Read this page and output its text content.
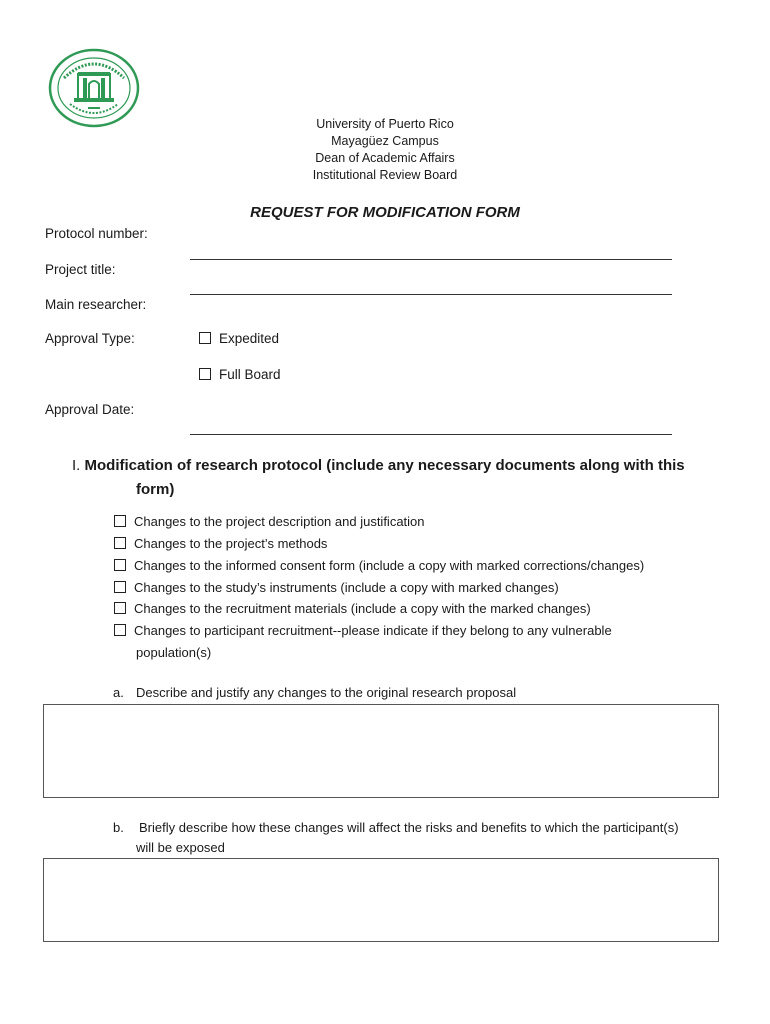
University of Puerto Rico
Mayagüez Campus
Dean of Academic Affairs
Institutional Review Board
REQUEST FOR MODIFICATION FORM
Protocol number:
Project title:
Main researcher:
Approval Type:	Expedited
Full Board
Approval Date:
I. Modification of research protocol (include any necessary documents along with this
form)
Changes to the project description and justification
Changes to the project’s methods
Changes to the informed consent form (include a copy with marked corrections/changes)
Changes to the study’s instruments (include a copy with marked changes)
Changes to the recruitment materials (include a copy with the marked changes)
Changes to participant recruitment--please indicate if they belong to any vulnerable
population(s)
a. Describe and justify any changes to the original research proposal
b. Briefly describe how these changes will affect the risks and benefits to which the participant(s)
will be exposed
